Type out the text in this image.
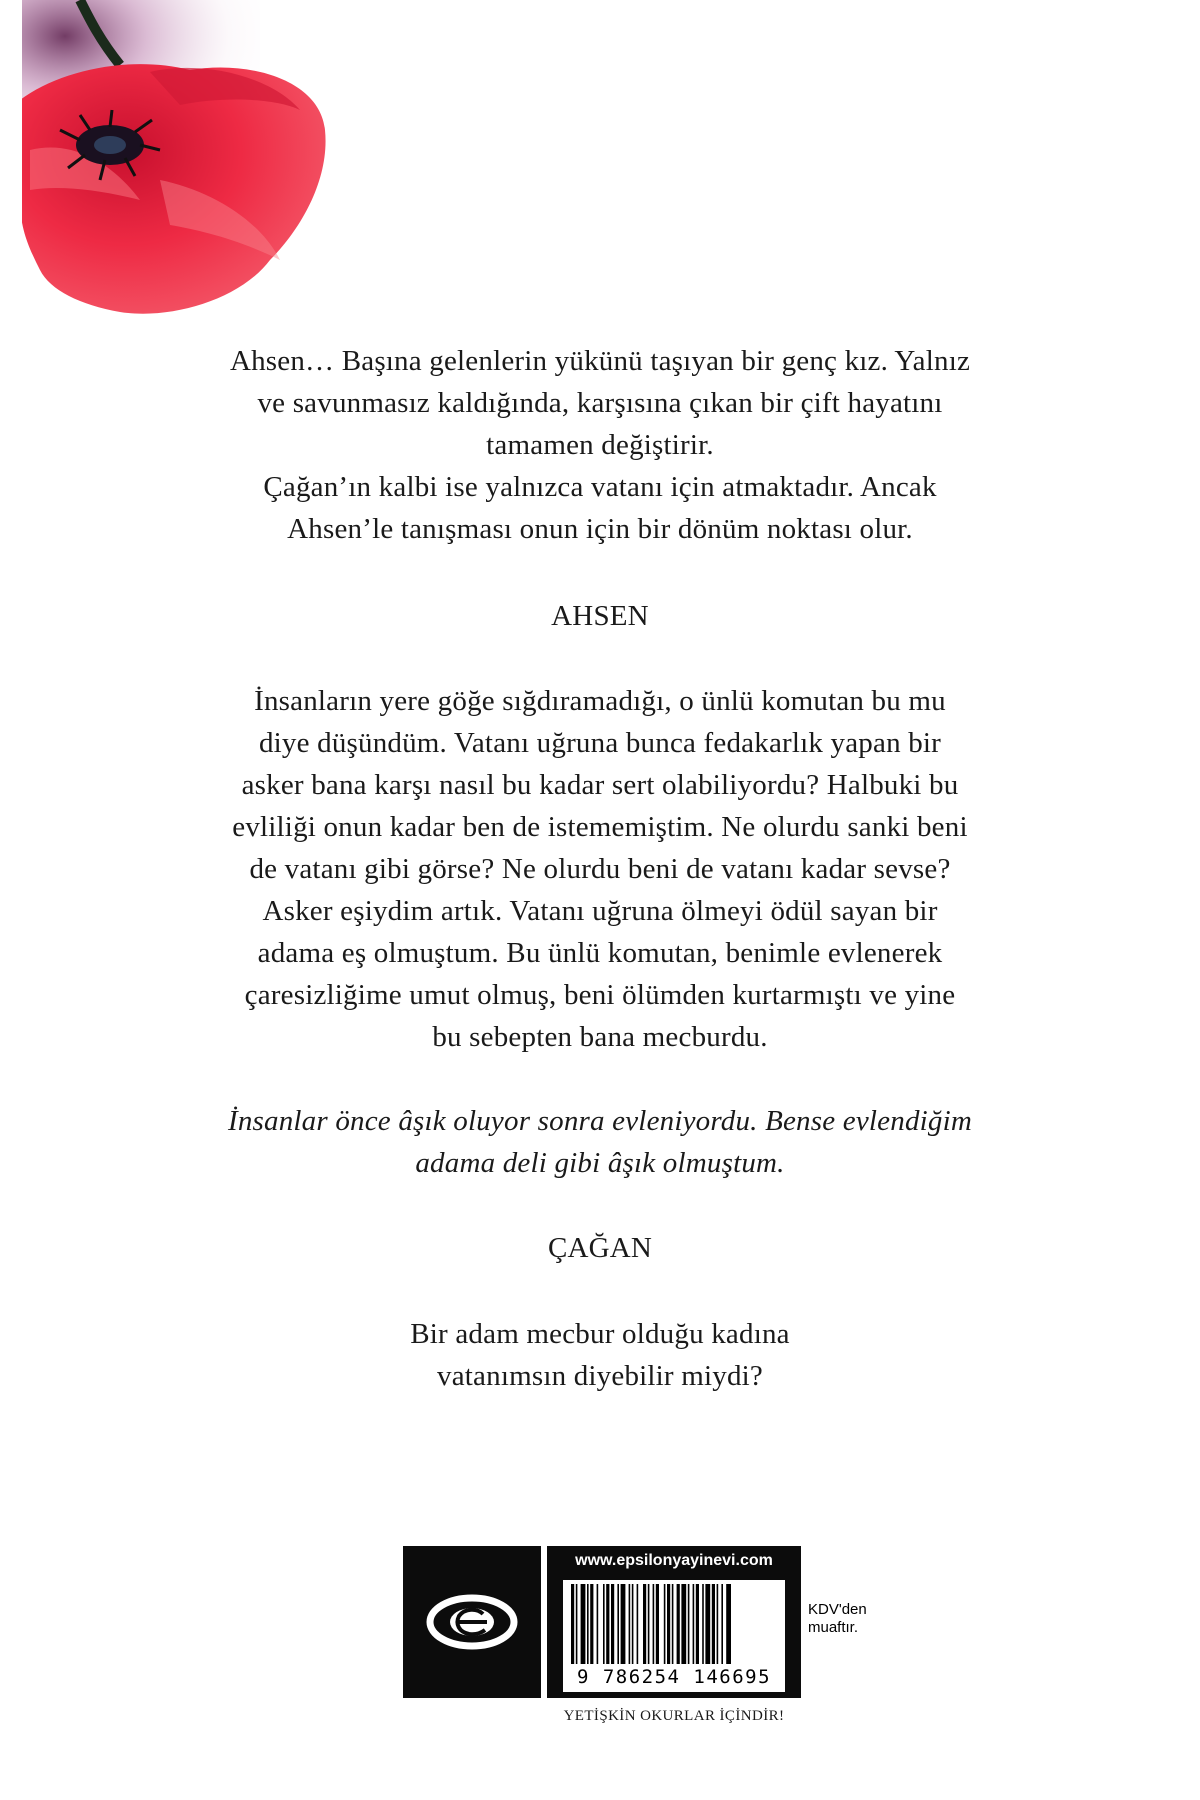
Ahsen… Başına gelenlerin yükünü taşıyan bir genç kız. Yalnız

ve savunmasız kaldığında, karşısına çıkan bir çift hayatını

tamamen değiştirir.

Çağan’ın kalbi ise yalnızca vatanı için atmaktadır. Ancak

Ahsen’le tanışması onun için bir dönüm noktası olur.

AHSEN

İnsanların yere göğe sığdıramadığı, o ünlü komutan bu mu

diye düşündüm. Vatanı uğruna bunca fedakarlık yapan bir

asker bana karşı nasıl bu kadar sert olabiliyordu? Halbuki bu

evliliği onun kadar ben de istememiştim. Ne olurdu sanki beni

de vatanı gibi görse? Ne olurdu beni de vatanı kadar sevse?

Asker eşiydim artık. Vatanı uğruna ölmeyi ödül sayan bir

adama eş olmuştum. Bu ünlü komutan, benimle evlenerek

çaresizliğime umut olmuş, beni ölümden kurtarmıştı ve yine

bu sebepten bana mecburdu.

İnsanlar önce âşık oluyor sonra evleniyordu. Bense evlendiğim

adama deli gibi âşık olmuştum.

ÇAĞAN

Bir adam mecbur olduğu kadına

vatanımsın diyebilir miydi?

www.epsilonyayinevi.com
9 786254 146695
KDV'den
muaftır.
YETİŞKİN OKURLAR İÇİNDİR!
